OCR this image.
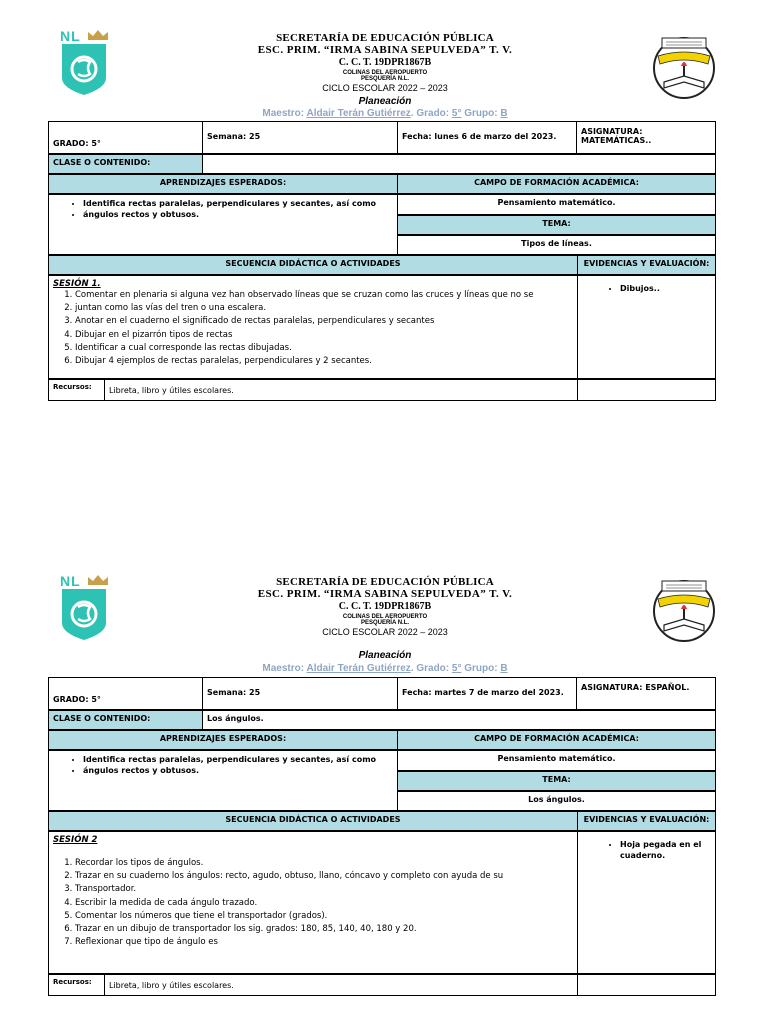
NL	SECRETARÍA DE EDUCACIÓN PÚBLICA
ESC. PRIM. “IRMA SABINA SEPULVEDA” T. V.
C. C. T. 19DPR1867B
COLINAS DEL AEROPUERTO
PESQUERÍA N.L.
CICLO ESCOLAR 2022 – 2023
Planeación
Maestro: Aldair Terán Gutiérrez. Grado: 5° Grupo: B
GRADO: 5°
Semana: 25	Fecha: lunes 6 de marzo del 2023.
ASIGNATURA: MATEMÁTICAS..
CLASE O CONTENIDO:
APRENDIZAJES ESPERADOS:	CAMPO DE FORMACIÓN ACADÉMICA:
• Identifica rectas paralelas, perpendiculares y secantes, así como
• ángulos rectos y obtusos.
Pensamiento matemático.
TEMA:
Tipos de líneas.
SECUENCIA DIDÁCTICA O ACTIVIDADES	EVIDENCIAS Y EVALUACIÓN:
SESIÓN 1.
1. Comentar en plenaria si alguna vez han observado líneas que se cruzan como las cruces y líneas que no se
2. juntan como las vías del tren o una escalera.
3. Anotar en el cuaderno el significado de rectas paralelas, perpendiculares y secantes
4. Dibujar en el pizarrón tipos de rectas
5. Identificar a cual corresponde las rectas dibujadas.
6. Dibujar 4 ejemplos de rectas paralelas, perpendiculares y 2 secantes.
• Dibujos..
Recursos:	Libreta, libro y útiles escolares.
NL	SECRETARÍA DE EDUCACIÓN PÚBLICA
ESC. PRIM. “IRMA SABINA SEPULVEDA” T. V.
C. C. T. 19DPR1867B
COLINAS DEL AEROPUERTO
PESQUERÍA N.L.
CICLO ESCOLAR 2022 – 2023
Planeación
Maestro: Aldair Terán Gutiérrez. Grado: 5° Grupo: B
GRADO: 5°
Semana: 25	Fecha: martes 7 de marzo del 2023.
ASIGNATURA: ESPAÑOL.
CLASE O CONTENIDO:	Los ángulos.
APRENDIZAJES ESPERADOS:	CAMPO DE FORMACIÓN ACADÉMICA:
• Identifica rectas paralelas, perpendiculares y secantes, así como
• ángulos rectos y obtusos.
Pensamiento matemático.
TEMA:
Los ángulos.
SECUENCIA DIDÁCTICA O ACTIVIDADES	EVIDENCIAS Y EVALUACIÓN:
SESIÓN 2
1. Recordar los tipos de ángulos.
2. Trazar en su cuaderno los ángulos: recto, agudo, obtuso, llano, cóncavo y completo con ayuda de su
3. Transportador.
4. Escribir la medida de cada ángulo trazado.
5. Comentar los números que tiene el transportador (grados).
6. Trazar en un dibujo de transportador los sig. grados: 180, 85, 140, 40, 180 y 20.
7. Reflexionar que tipo de ángulo es
• Hoja pegada en el cuaderno.
Recursos:	Libreta, libro y útiles escolares.
